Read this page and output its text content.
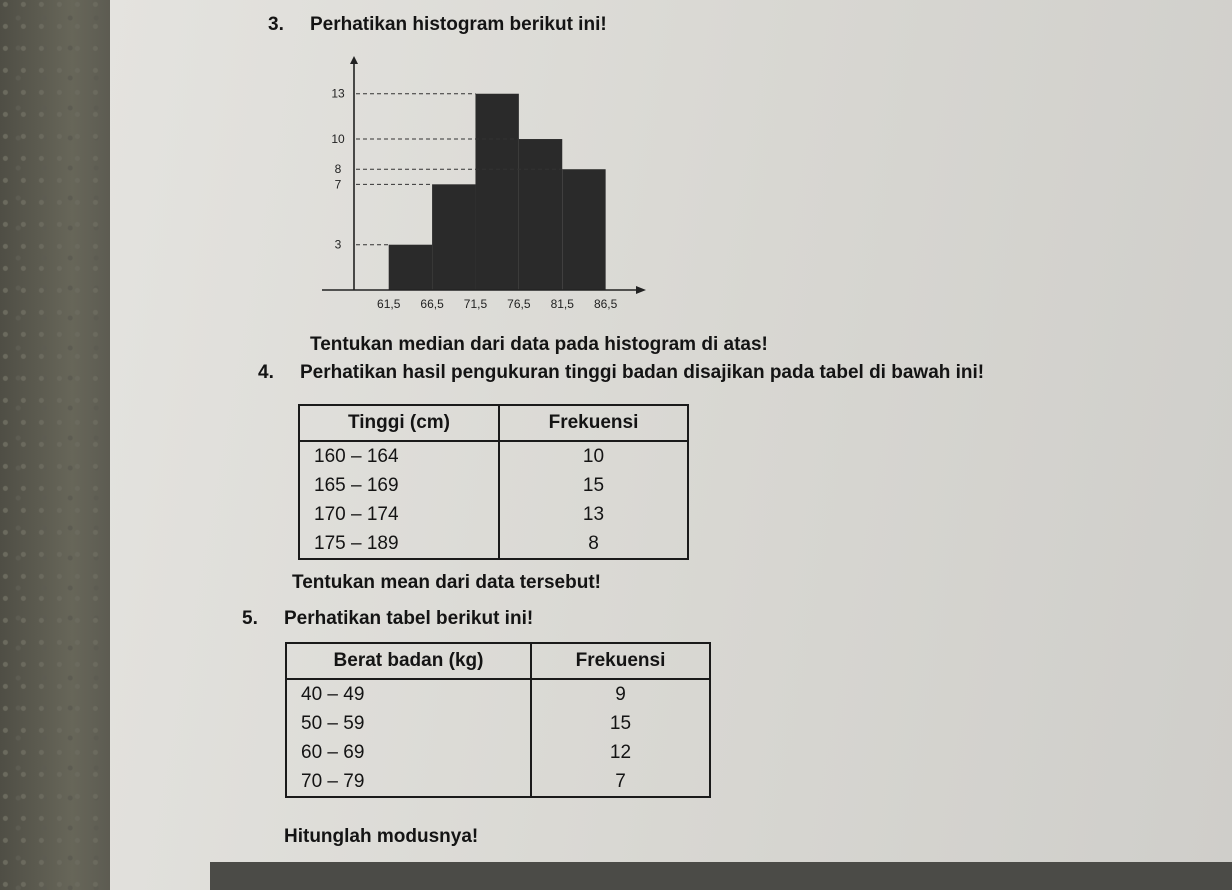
3. Perhatikan histogram berikut ini!
3
7
8
10
13
61,5 66,5 71,5 76,5 81,5 86,5
Tentukan median dari data pada histogram di atas!
4. Perhatikan hasil pengukuran tinggi badan disajikan pada tabel di bawah ini!
Tinggi (cm)	Frekuensi
160 – 164	10
165 – 169	15
170 – 174	13
175 – 189	8
Tentukan mean dari data tersebut!
5. Perhatikan tabel berikut ini!
Berat badan (kg)	Frekuensi
40 – 49	9
50 – 59	15
60 – 69	12
70 – 79	7
Hitunglah modusnya!
